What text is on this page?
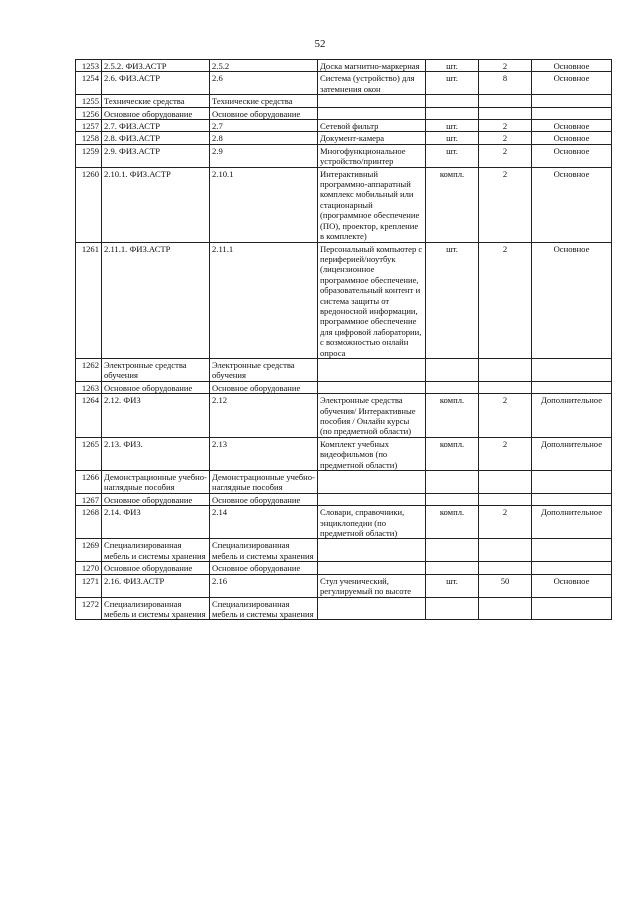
52
1253	2.5.2. ФИЗ.АСТР	2.5.2	Доска магнитно-маркерная	шт.	2	Основное
1254	2.6. ФИЗ.АСТР	2.6	Система (устройство) для затемнения окон	шт.	8	Основное
1255	Технические средства	Технические средства				
1256	Основное оборудование	Основное оборудование				
1257	2.7. ФИЗ.АСТР	2.7	Сетевой фильтр	шт.	2	Основное
1258	2.8. ФИЗ.АСТР	2.8	Документ-камера	шт.	2	Основное
1259	2.9. ФИЗ.АСТР	2.9	Многофункциональное устройство/принтер	шт.	2	Основное
1260	2.10.1. ФИЗ.АСТР	2.10.1	Интерактивный программно-аппаратный комплекс мобильный или стационарный (программное обеспечение (ПО), проектор, крепление в комплекте)	компл.	2	Основное
1261	2.11.1. ФИЗ.АСТР	2.11.1	Персональный компьютер с периферией/ноутбук (лицензионное программное обеспечение, образовательный контент и система защиты от вредоносной информации, программное обеспечение для цифровой лаборатории, с возможностью онлайн опроса	шт.	2	Основное
1262	Электронные средства обучения	Электронные средства обучения				
1263	Основное оборудование	Основное оборудование				
1264	2.12. ФИЗ	2.12	Электронные средства обучения/ Интерактивные пособия / Онлайн курсы (по предметной области)	компл.	2	Дополнительное
1265	2.13. ФИЗ.	2.13	Комплект учебных видеофильмов (по предметной области)	компл.	2	Дополнительное
1266	Демонстрационные учебно-наглядные пособия	Демонстрационные учебно-наглядные пособия				
1267	Основное оборудование	Основное оборудование				
1268	2.14. ФИЗ	2.14	Словари, справочники, энциклопедии (по предметной области)	компл.	2	Дополнительное
1269	Специализированная мебель и системы хранения	Специализированная мебель и системы хранения				
1270	Основное оборудование	Основное оборудование				
1271	2.16. ФИЗ.АСТР	2.16	Стул ученический, регулируемый по высоте	шт.	50	Основное
1272	Специализированная мебель и системы хранения	Специализированная мебель и системы хранения				
